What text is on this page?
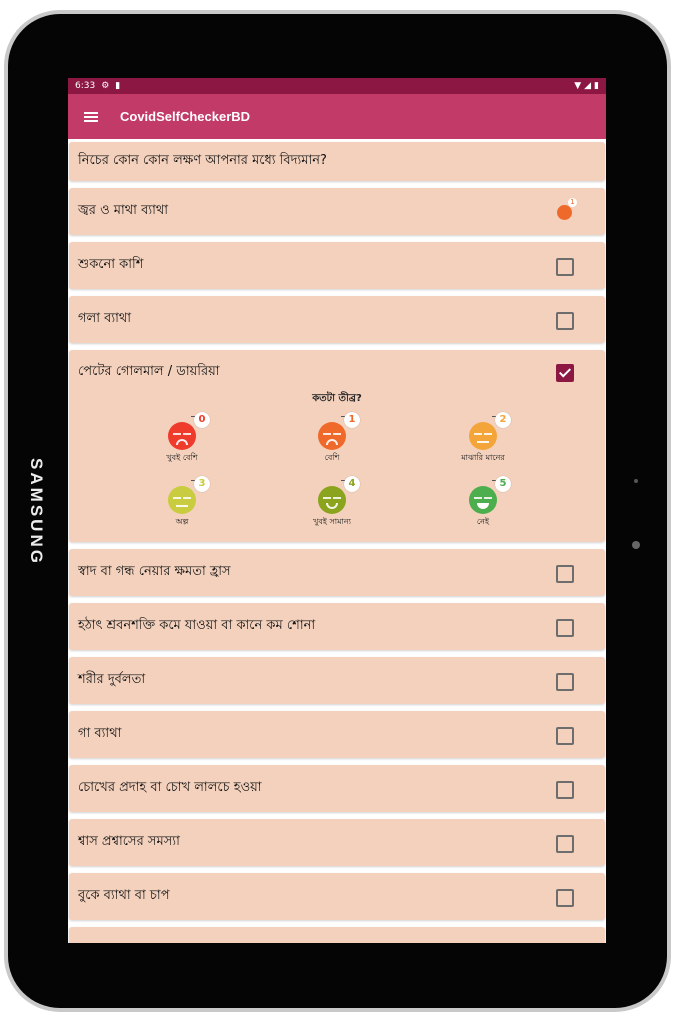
SAMSUNG
6:33 ⚙ ▮	▼ ◢ ▮
CovidSelfCheckerBD
নিচের কোন কোন লক্ষণ আপনার মধ্যে বিদ্যমান?
জ্বর ও মাথা ব্যাথা
1
শুকনো কাশি
গলা ব্যাথা
পেটের গোলমাল / ডায়রিয়া
কতটা তীব্র?
0
খুবই বেশি
1
বেশি
2
মাঝারি মানের
3
অল্প
4
খুবই সামান্য
5
নেই
স্বাদ বা গন্ধ নেয়ার ক্ষমতা হ্রাস
হঠাৎ শ্রবনশক্তি কমে যাওয়া বা কানে কম শোনা
শরীর দুর্বলতা
গা ব্যাথা
চোখের প্রদাহ বা চোখ লালচে হওয়া
শ্বাস প্রশ্বাসের সমস্যা
বুকে ব্যাথা বা চাপ
